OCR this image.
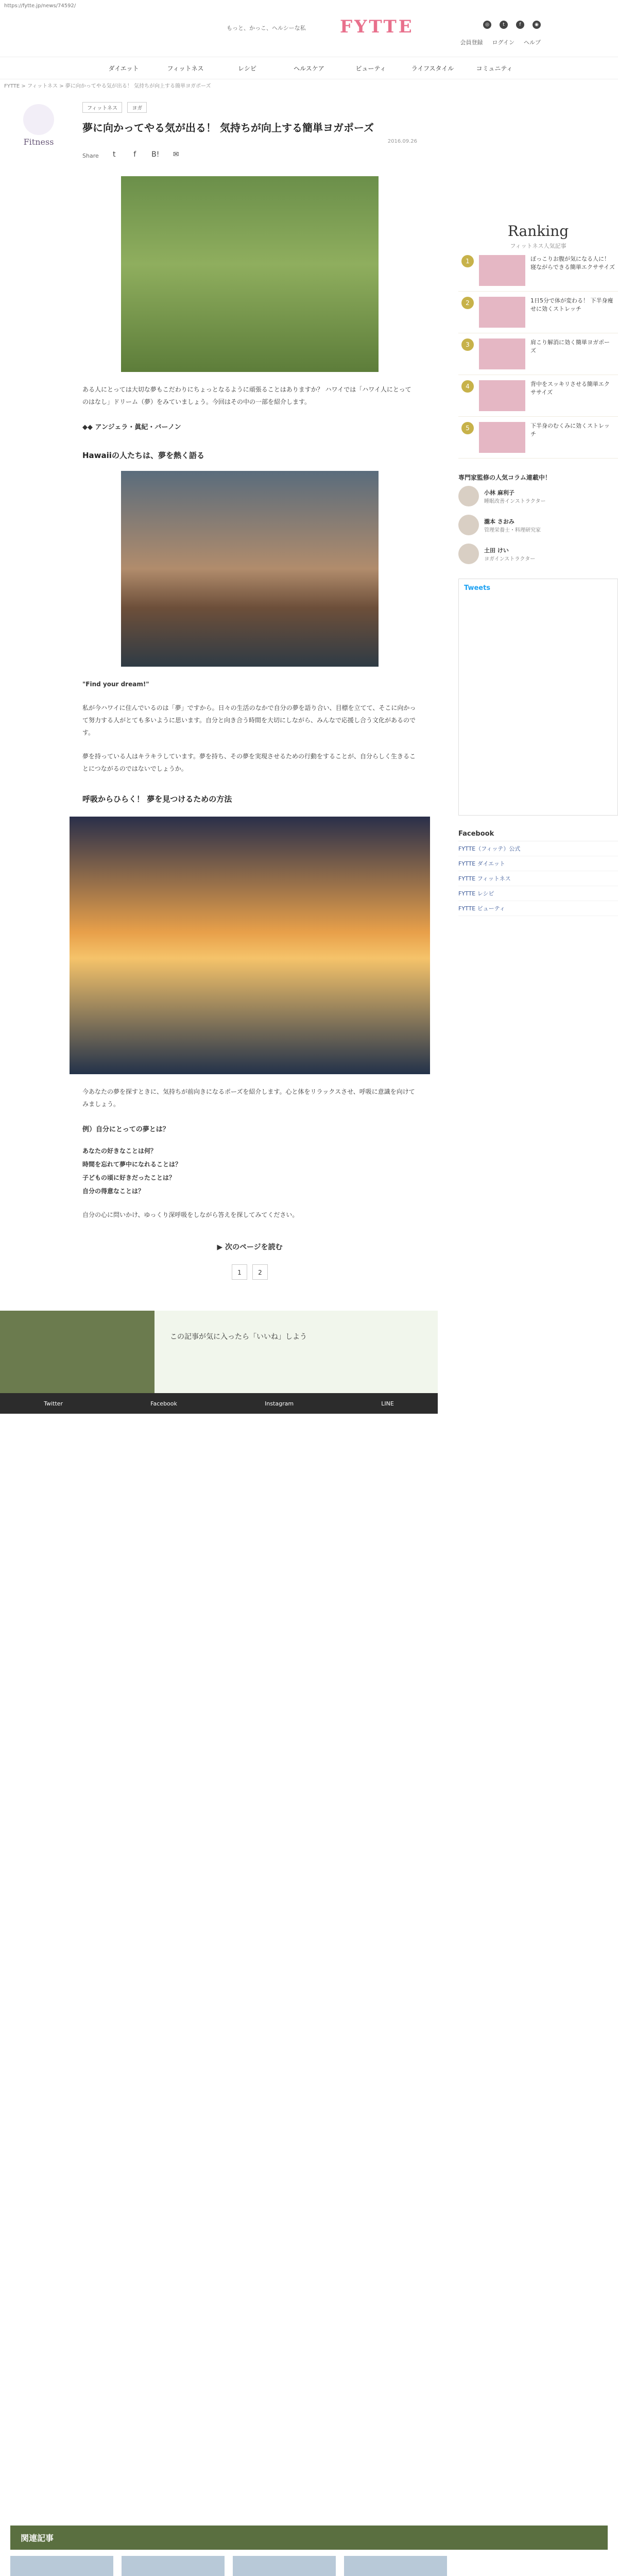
https://fytte.jp/news/74592/
もっと、かっこ、ヘルシーな私 FYTTE	◎	t	f	◉
会員登録 ログイン ヘルプ
ダイエット	フィットネス	レシピ	ヘルスケア	ビューティ	ライフスタイル	コミュニティ
FYTTE > フィットネス > 夢に向かってやる気が出る！ 気持ちが向上する簡単ヨガポーズ
Fitness
フィットネス	ヨガ
夢に向かってやる気が出る！ 気持ちが向上する簡単ヨガポーズ
2016.09.26
Share	t	f	B! ✉

ある人にとっては大切な夢もこだわりにちょっとなるように頑張ることはありますか？ ハワイでは「ハワイ人にとってのはなし」ドリーム（夢）をみていましょう。今回はその中の一部を紹介します。

◆◆ アンジェラ・眞紀・バーノン

Hawaiiの人たちは、夢を熱く語る

"Find your dream!"

私が今ハワイに住んでいるのは「夢」ですから。日々の生活のなかで自分の夢を語り合い、目標を立てて、そこに向かって努力する人がとても多いように思います。自分と向き合う時間を大切にしながら、みんなで応援し合う文化があるのです。

夢を持っている人はキラキラしています。夢を持ち、その夢を実現させるための行動をすることが、自分らしく生きることにつながるのではないでしょうか。

呼吸からひらく！ 夢を見つけるための方法

今あなたの夢を探すときに、気持ちが前向きになるポーズを紹介します。心と体をリラックスさせ、呼吸に意識を向けてみましょう。

例）自分にとっての夢とは？

あなたの好きなことは何？

時間を忘れて夢中になれることは？

子どもの頃に好きだったことは？

自分の得意なことは？

自分の心に問いかけ、ゆっくり深呼吸をしながら答えを探してみてください。

▶ 次のページを読む
1	2
この記事が気に入ったら「いいね」しよう
Twitter	Facebook	Instagram	LINE
Ranking
フィットネス人気記事
1	ぽっこりお腹が気になる人に！ 寝ながらできる簡単エクササイズ
2	1日5分で体が変わる！ 下半身痩せに効くストレッチ
3	肩こり解消に効く簡単ヨガポーズ
4	背中をスッキリさせる簡単エクササイズ
5	下半身のむくみに効くストレッチ
専門家監修の人気コラム連載中！
小林 麻利子
睡眠改善インストラクター
瀧本 さおみ
管理栄養士・料理研究家
土田 けい
ヨガインストラクター
Tweets
Facebook
FYTTE（フィッテ）公式
FYTTE ダイエット
FYTTE フィットネス
FYTTE レシピ
FYTTE ビューティ
関連記事
